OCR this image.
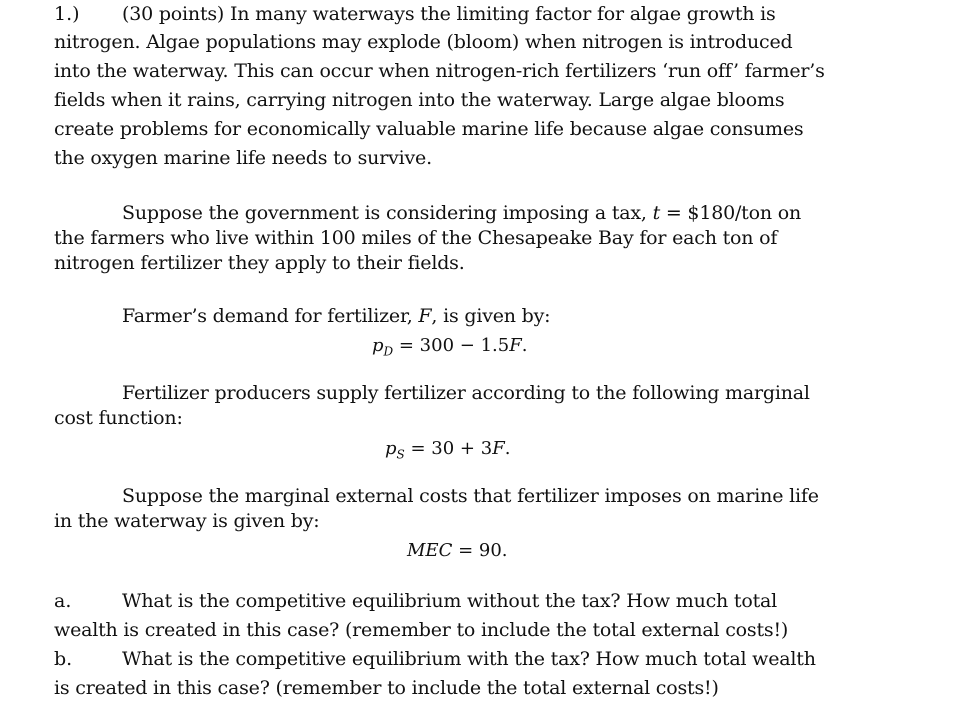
1.) (30 points) In many waterways the limiting factor for algae growth is
nitrogen. Algae populations may explode (bloom) when nitrogen is introduced
into the waterway. This can occur when nitrogen-rich fertilizers ‘run off’ farmer’s
fields when it rains, carrying nitrogen into the waterway. Large algae blooms
create problems for economically valuable marine life because algae consumes
the oxygen marine life needs to survive.
Suppose the government is considering imposing a tax, t = $180/ton on
the farmers who live within 100 miles of the Chesapeake Bay for each ton of
nitrogen fertilizer they apply to their fields.
Farmer’s demand for fertilizer, F, is given by:
$p_D = 300 - 1.5F$.
Fertilizer producers supply fertilizer according to the following marginal
cost function:
$p_S = 30 + 3F$.
Suppose the marginal external costs that fertilizer imposes on marine life
in the waterway is given by:
MEC = 90.
a.	What is the competitive equilibrium without the tax? How much total
wealth is created in this case? (remember to include the total external costs!)
b.	What is the competitive equilibrium with the tax? How much total wealth
is created in this case? (remember to include the total external costs!)
